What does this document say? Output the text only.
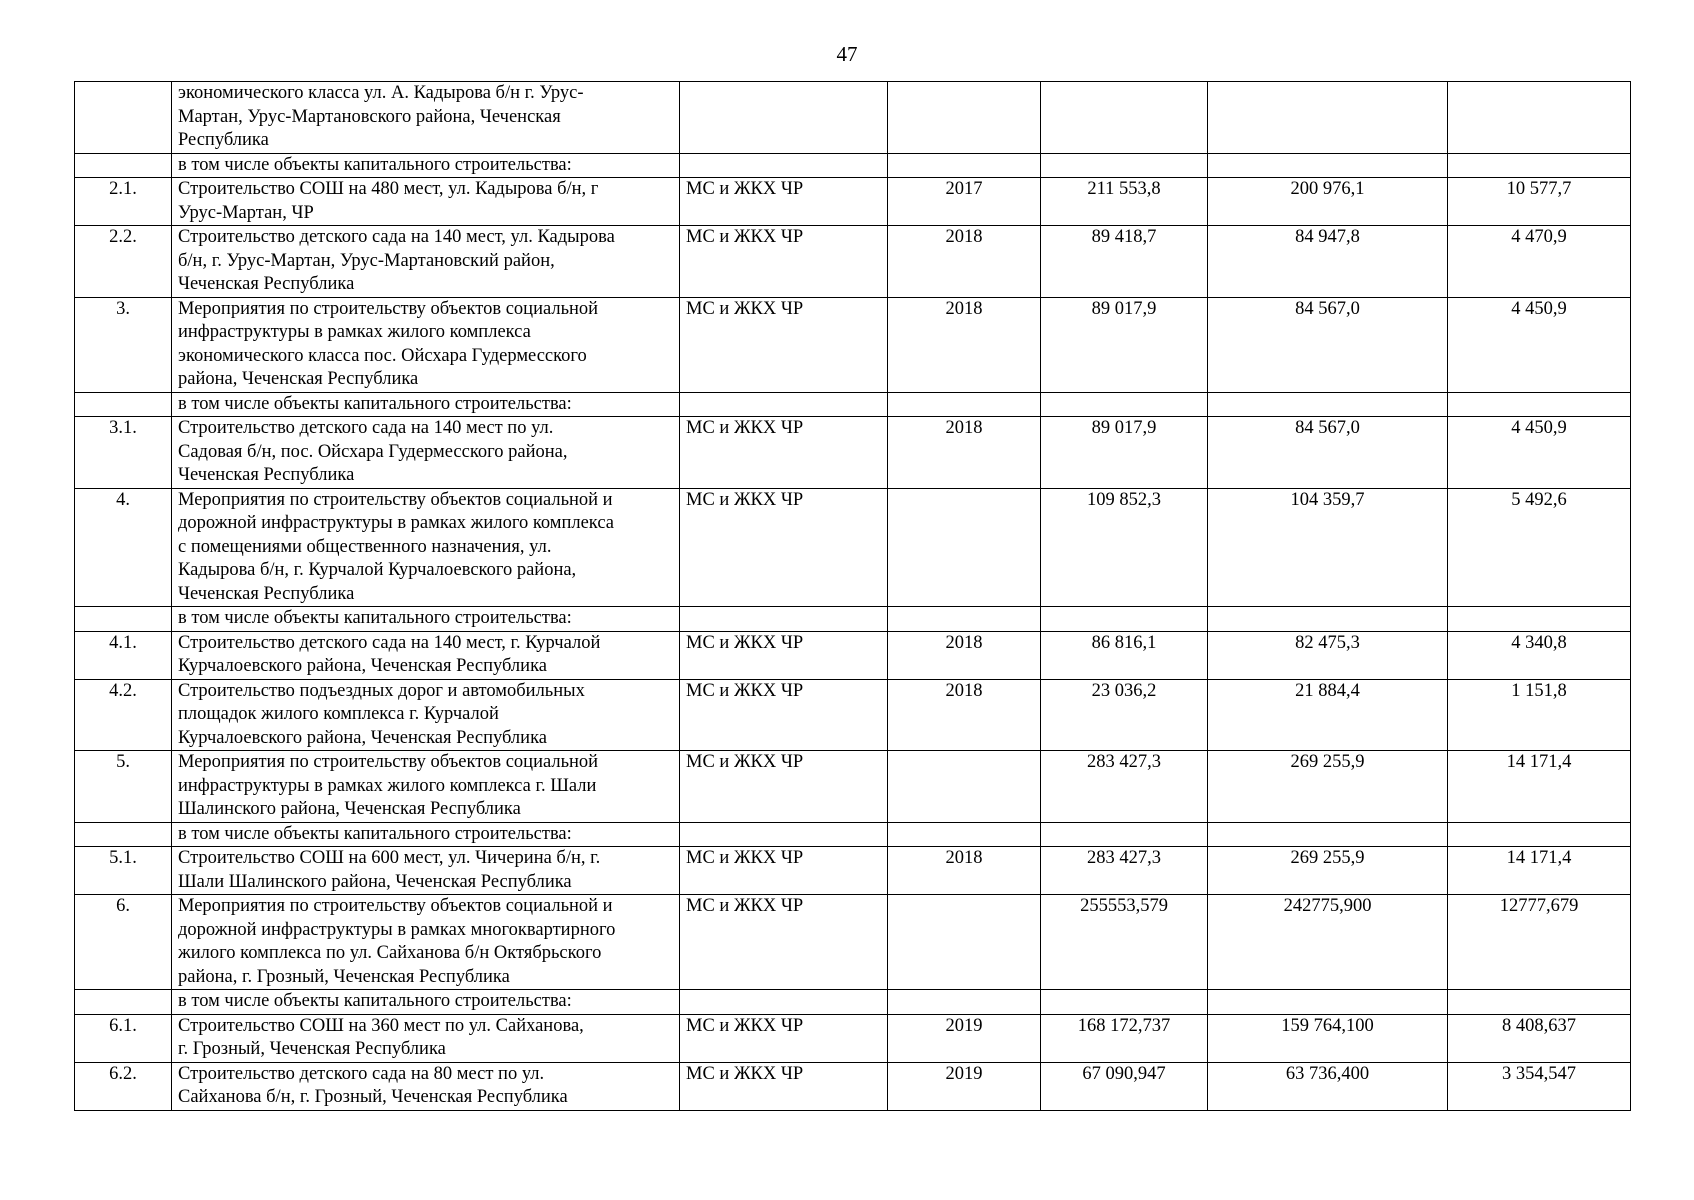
47
	экономического класса ул. А. Кадырова б/н г. Урус-
Мартан, Урус-Мартановского района, Чеченская
Республика					
	в том числе объекты капитального строительства:					
2.1.	Строительство СОШ на 480 мест, ул. Кадырова б/н, г
Урус-Мартан, ЧР	МС и ЖКХ ЧР	2017	211 553,8	200 976,1	10 577,7
2.2.	Строительство детского сада на 140 мест, ул. Кадырова
б/н, г. Урус-Мартан, Урус-Мартановский район,
Чеченская Республика	МС и ЖКХ ЧР	2018	89 418,7	84 947,8	4 470,9
3.	Мероприятия по строительству объектов социальной
инфраструктуры в рамках жилого комплекса
экономического класса пос. Ойсхара Гудермесского
района, Чеченская Республика	МС и ЖКХ ЧР	2018	89 017,9	84 567,0	4 450,9
	в том числе объекты капитального строительства:					
3.1.	Строительство детского сада на 140 мест по ул.
Садовая б/н, пос. Ойсхара Гудермесского района,
Чеченская Республика	МС и ЖКХ ЧР	2018	89 017,9	84 567,0	4 450,9
4.	Мероприятия по строительству объектов социальной и
дорожной инфраструктуры в рамках жилого комплекса
с помещениями общественного назначения, ул.
Кадырова б/н, г. Курчалой Курчалоевского района,
Чеченская Республика	МС и ЖКХ ЧР		109 852,3	104 359,7	5 492,6
	в том числе объекты капитального строительства:					
4.1.	Строительство детского сада на 140 мест, г. Курчалой
Курчалоевского района, Чеченская Республика	МС и ЖКХ ЧР	2018	86 816,1	82 475,3	4 340,8
4.2.	Строительство подъездных дорог и автомобильных
площадок жилого комплекса г. Курчалой
Курчалоевского района, Чеченская Республика	МС и ЖКХ ЧР	2018	23 036,2	21 884,4	1 151,8
5.	Мероприятия по строительству объектов социальной
инфраструктуры в рамках жилого комплекса г. Шали
Шалинского района, Чеченская Республика	МС и ЖКХ ЧР		283 427,3	269 255,9	14 171,4
	в том числе объекты капитального строительства:					
5.1.	Строительство СОШ на 600 мест, ул. Чичерина б/н, г.
Шали Шалинского района, Чеченская Республика	МС и ЖКХ ЧР	2018	283 427,3	269 255,9	14 171,4
6.	Мероприятия по строительству объектов социальной и
дорожной инфраструктуры в рамках многоквартирного
жилого комплекса по ул. Сайханова б/н Октябрьского
района, г. Грозный, Чеченская Республика	МС и ЖКХ ЧР		255553,579	242775,900	12777,679
	в том числе объекты капитального строительства:					
6.1.	Строительство СОШ на 360 мест по ул. Сайханова,
г. Грозный, Чеченская Республика	МС и ЖКХ ЧР	2019	168 172,737	159 764,100	8 408,637
6.2.	Строительство детского сада на 80 мест по ул.
Сайханова б/н, г. Грозный, Чеченская Республика	МС и ЖКХ ЧР	2019	67 090,947	63 736,400	3 354,547
